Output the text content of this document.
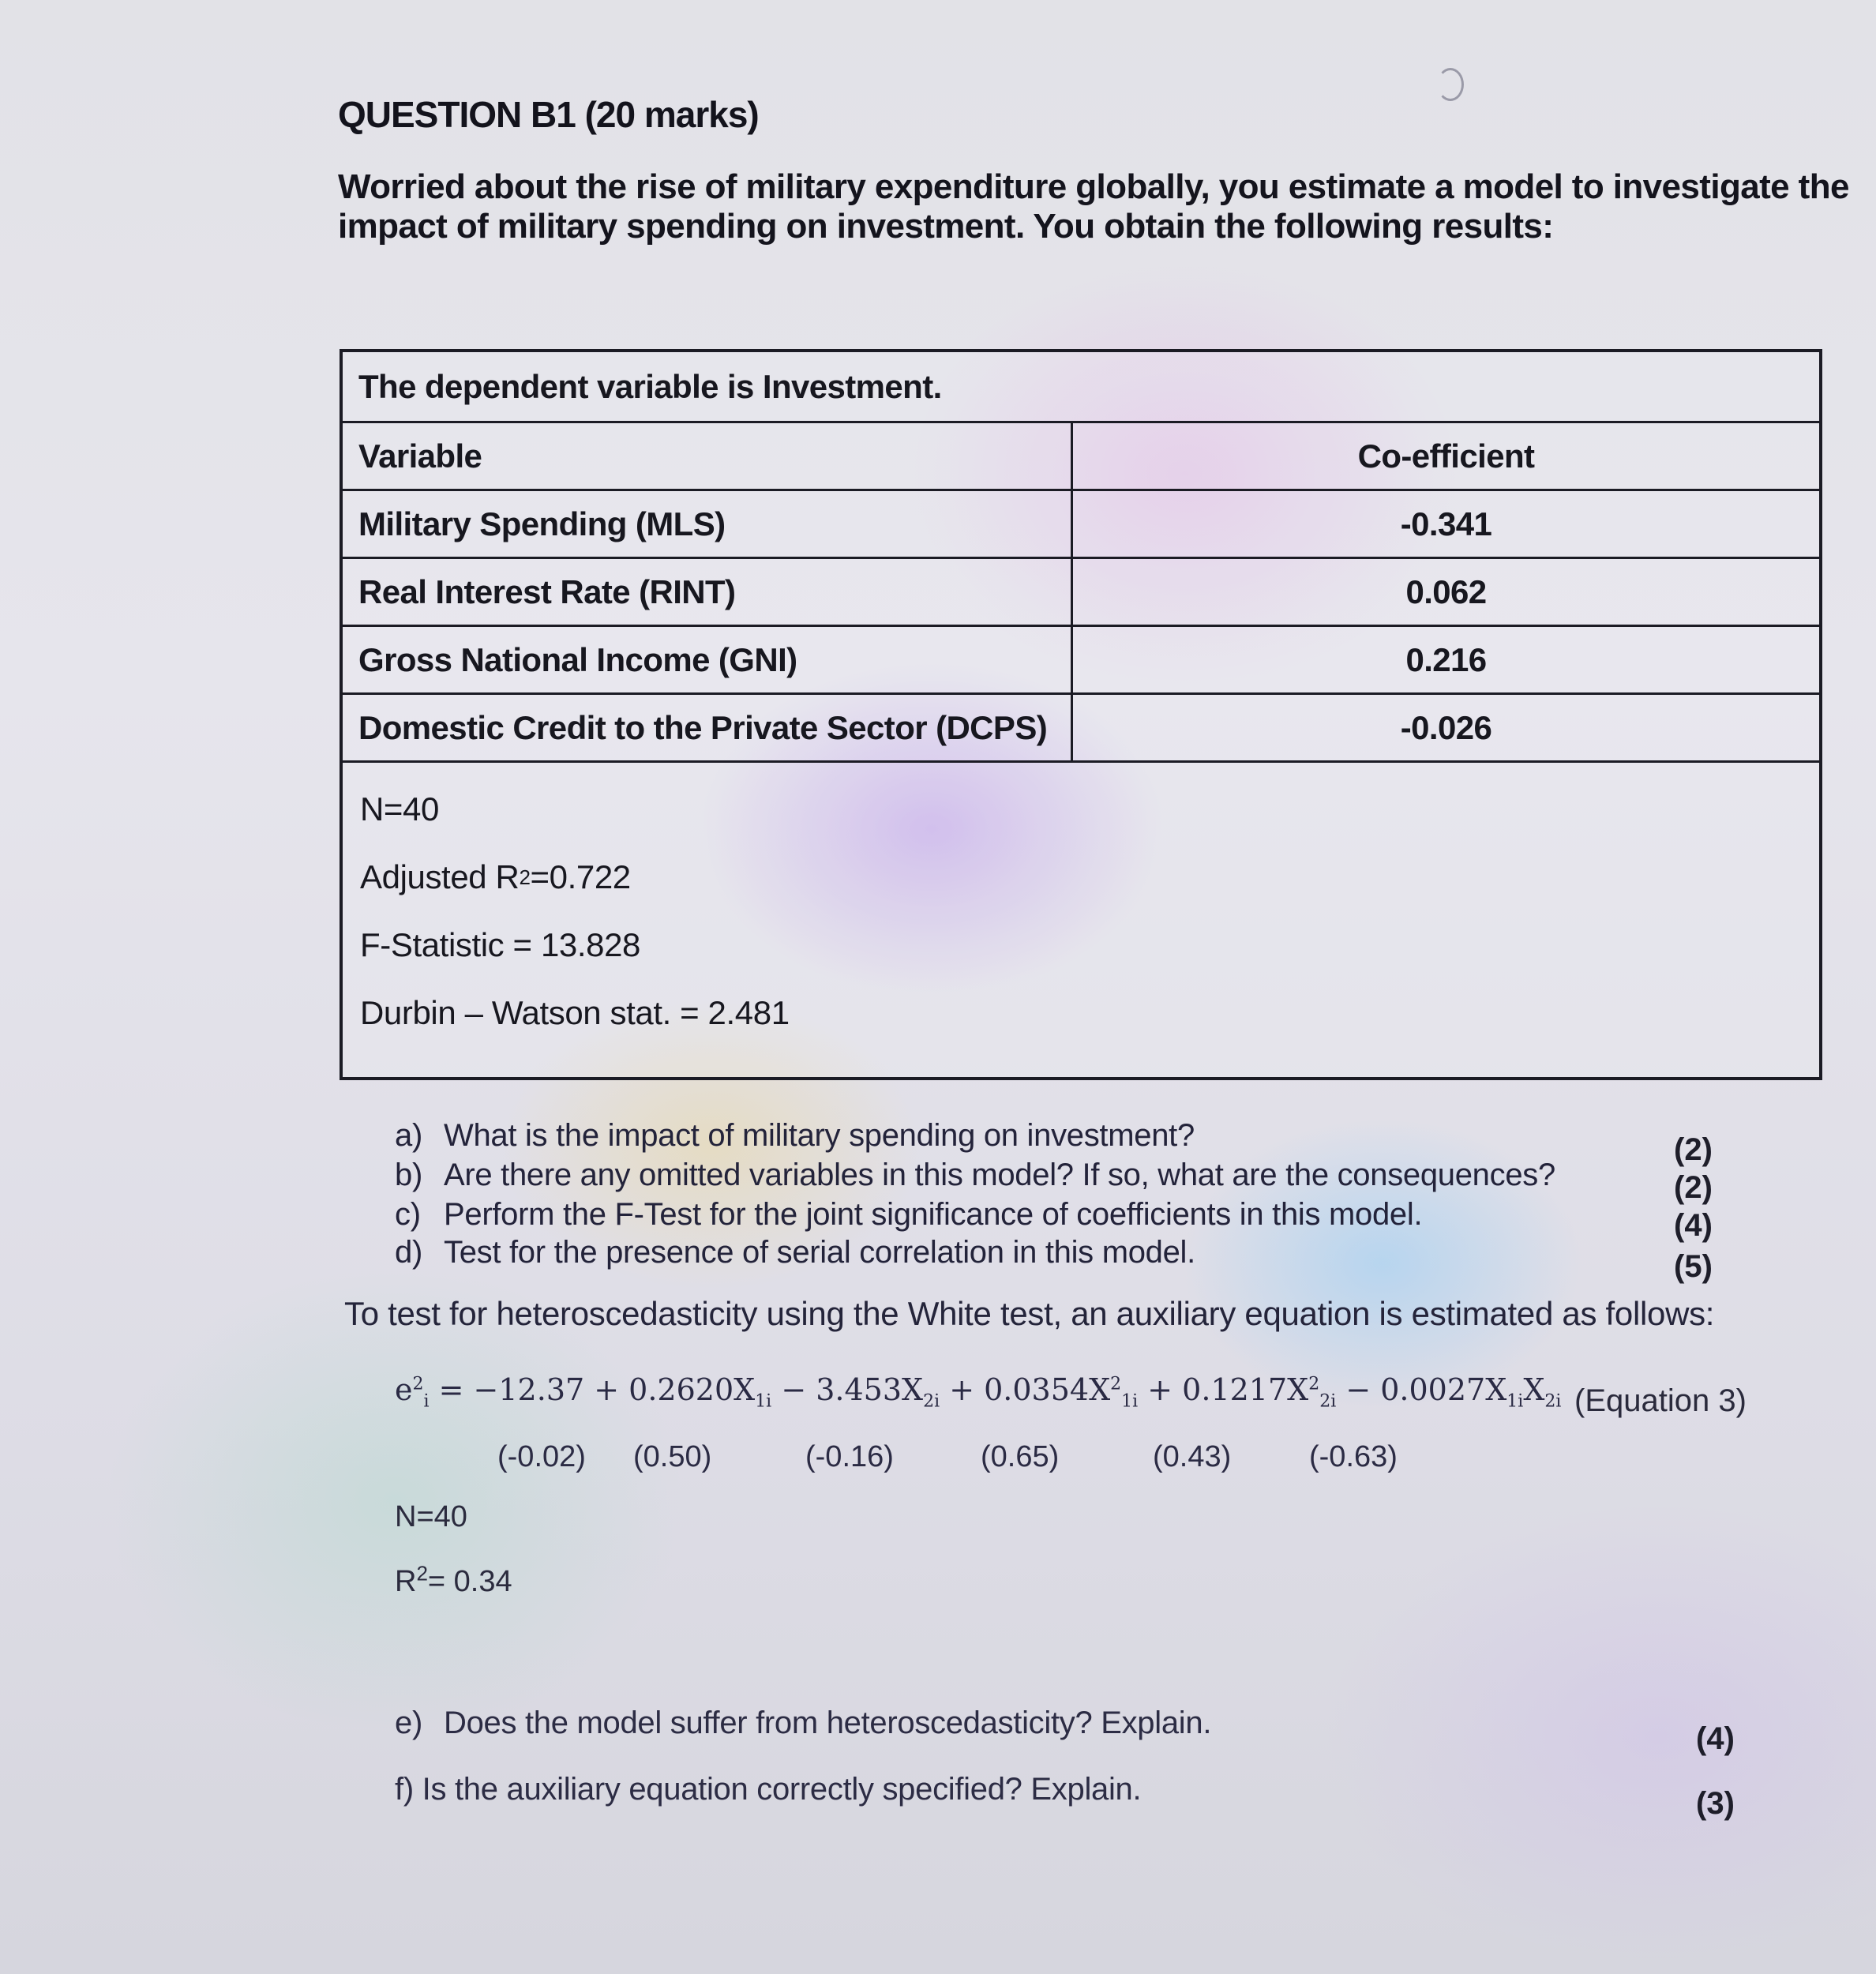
QUESTION B1 (20 marks)
Worried about the rise of military expenditure globally, you estimate a model to investigate the
impact of military spending on investment. You obtain the following results:
The dependent variable is Investment.
Variable	Co-efficient
Military Spending (MLS)	-0.341
Real Interest Rate (RINT)	0.062
Gross National Income (GNI)	0.216
Domestic Credit to the Private Sector (DCPS)	-0.026
N=40
Adjusted R 2 =0.722
F-Statistic = 13.828
Durbin – Watson stat. = 2.481
a) What is the impact of military spending on investment?	(2)
b) Are there any omitted variables in this model? If so, what are the consequences?	(2)
c) Perform the F-Test for the joint significance of coefficients in this model.	(4)
d) Test for the presence of serial correlation in this model.	(5)
To test for heteroscedasticity using the White test, an auxiliary equation is estimated as follows:
$e^2_i = -12.37 + 0.2620X_{1i} - 3.453X_{2i} + 0.0354X^2_{1i} + 0.1217X^2_{2i} - 0.0027X_{1i}X_{2i}$ (Equation 3)
(-0.02) (0.50)	(-0.16)	(0.65)	(0.43)	(-0.63)
N=40
$R^2= 0.34$
e) Does the model suffer from heteroscedasticity? Explain.	(4)
f) Is the auxiliary equation correctly specified? Explain.	(3)
